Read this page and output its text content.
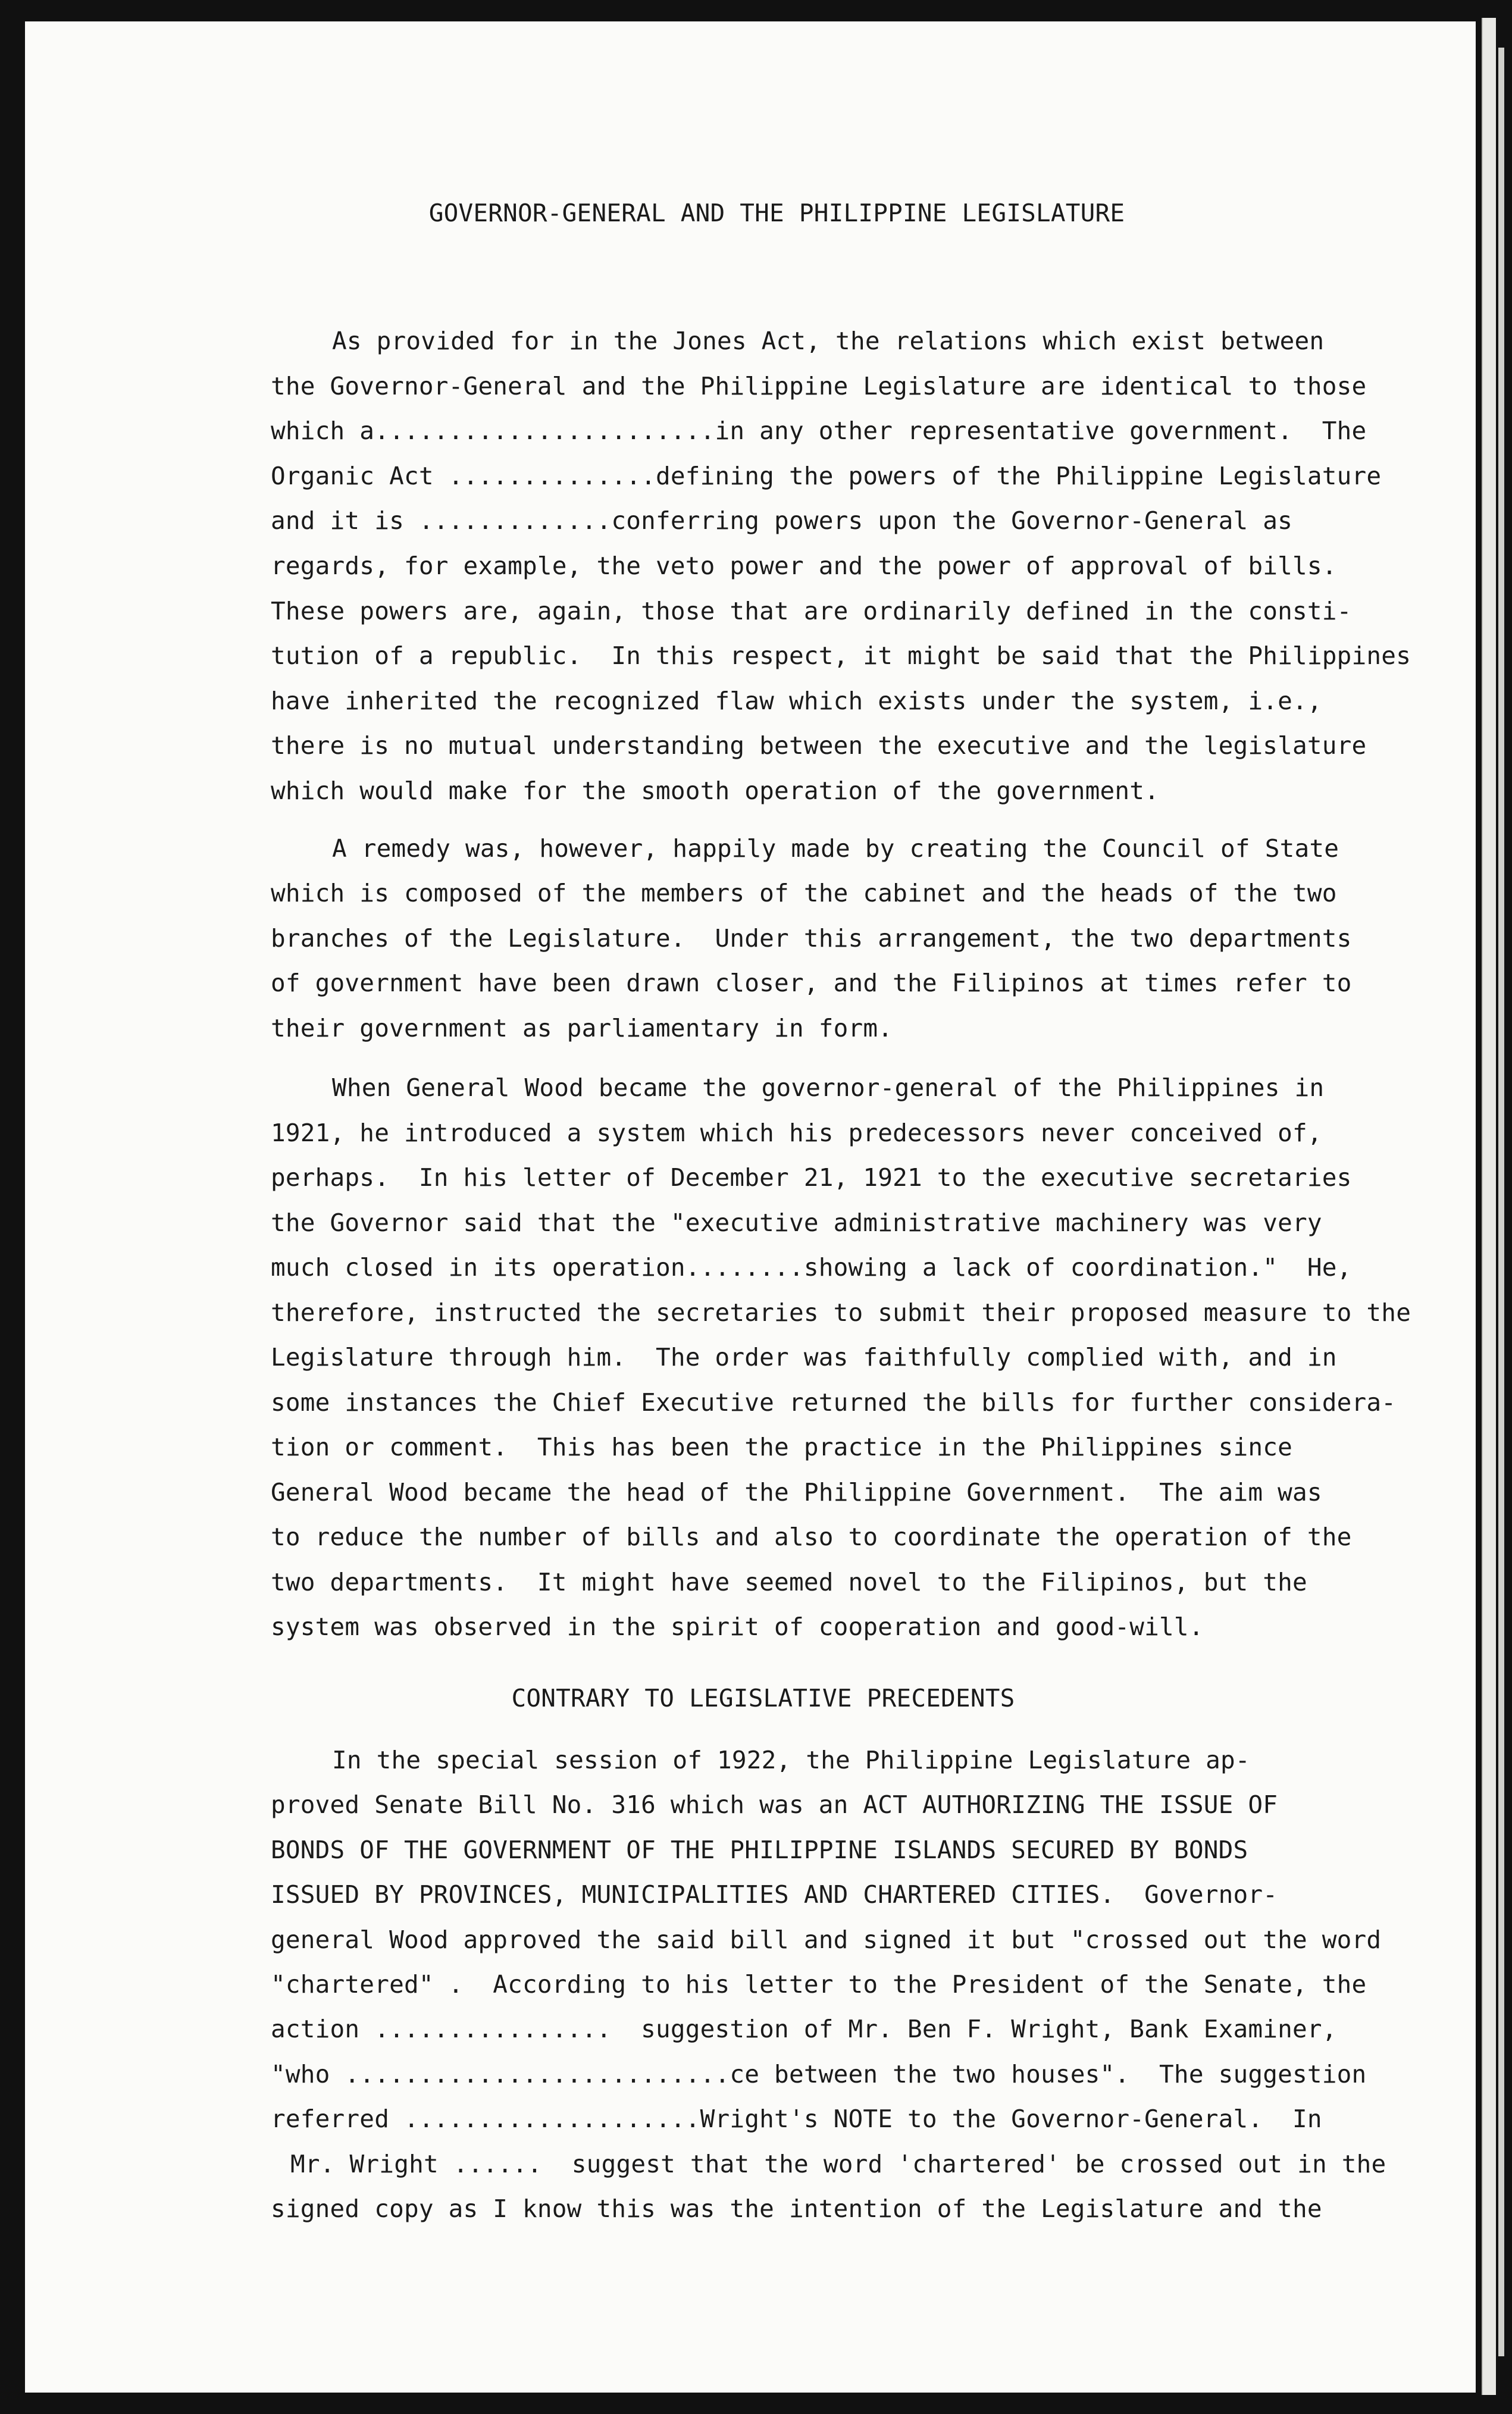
GOVERNOR-GENERAL AND THE PHILIPPINE LEGISLATURE
CONTRARY TO LEGISLATIVE PRECEDENTS
As provided for in the Jones Act, the relations which exist between
the Governor-General and the Philippine Legislature are identical to those
which a.......................in any other representative government.  The
Organic Act ..............defining the powers of the Philippine Legislature
and it is .............conferring powers upon the Governor-General as
regards, for example, the veto power and the power of approval of bills.
These powers are, again, those that are ordinarily defined in the consti-
tution of a republic.  In this respect, it might be said that the Philippines
have inherited the recognized flaw which exists under the system, i.e.,
there is no mutual understanding between the executive and the legislature
which would make for the smooth operation of the government.
A remedy was, however, happily made by creating the Council of State
which is composed of the members of the cabinet and the heads of the two
branches of the Legislature.  Under this arrangement, the two departments
of government have been drawn closer, and the Filipinos at times refer to
their government as parliamentary in form.
When General Wood became the governor-general of the Philippines in
1921, he introduced a system which his predecessors never conceived of,
perhaps.  In his letter of December 21, 1921 to the executive secretaries
the Governor said that the "executive administrative machinery was very
much closed in its operation........showing a lack of coordination."  He,
therefore, instructed the secretaries to submit their proposed measure to the
Legislature through him.  The order was faithfully complied with, and in
some instances the Chief Executive returned the bills for further considera-
tion or comment.  This has been the practice in the Philippines since
General Wood became the head of the Philippine Government.  The aim was
to reduce the number of bills and also to coordinate the operation of the
two departments.  It might have seemed novel to the Filipinos, but the
system was observed in the spirit of cooperation and good-will.
In the special session of 1922, the Philippine Legislature ap-
proved Senate Bill No. 316 which was an ACT AUTHORIZING THE ISSUE OF
BONDS OF THE GOVERNMENT OF THE PHILIPPINE ISLANDS SECURED BY BONDS
ISSUED BY PROVINCES, MUNICIPALITIES AND CHARTERED CITIES.  Governor-
general Wood approved the said bill and signed it but "crossed out the word
"chartered" .  According to his letter to the President of the Senate, the
action ................  suggestion of Mr. Ben F. Wright, Bank Examiner,
"who ..........................ce between the two houses".  The suggestion
referred ....................Wright's NOTE to the Governor-General.  In
Mr. Wright ......  suggest that the word 'chartered' be crossed out in the
signed copy as I know this was the intention of the Legislature and the
